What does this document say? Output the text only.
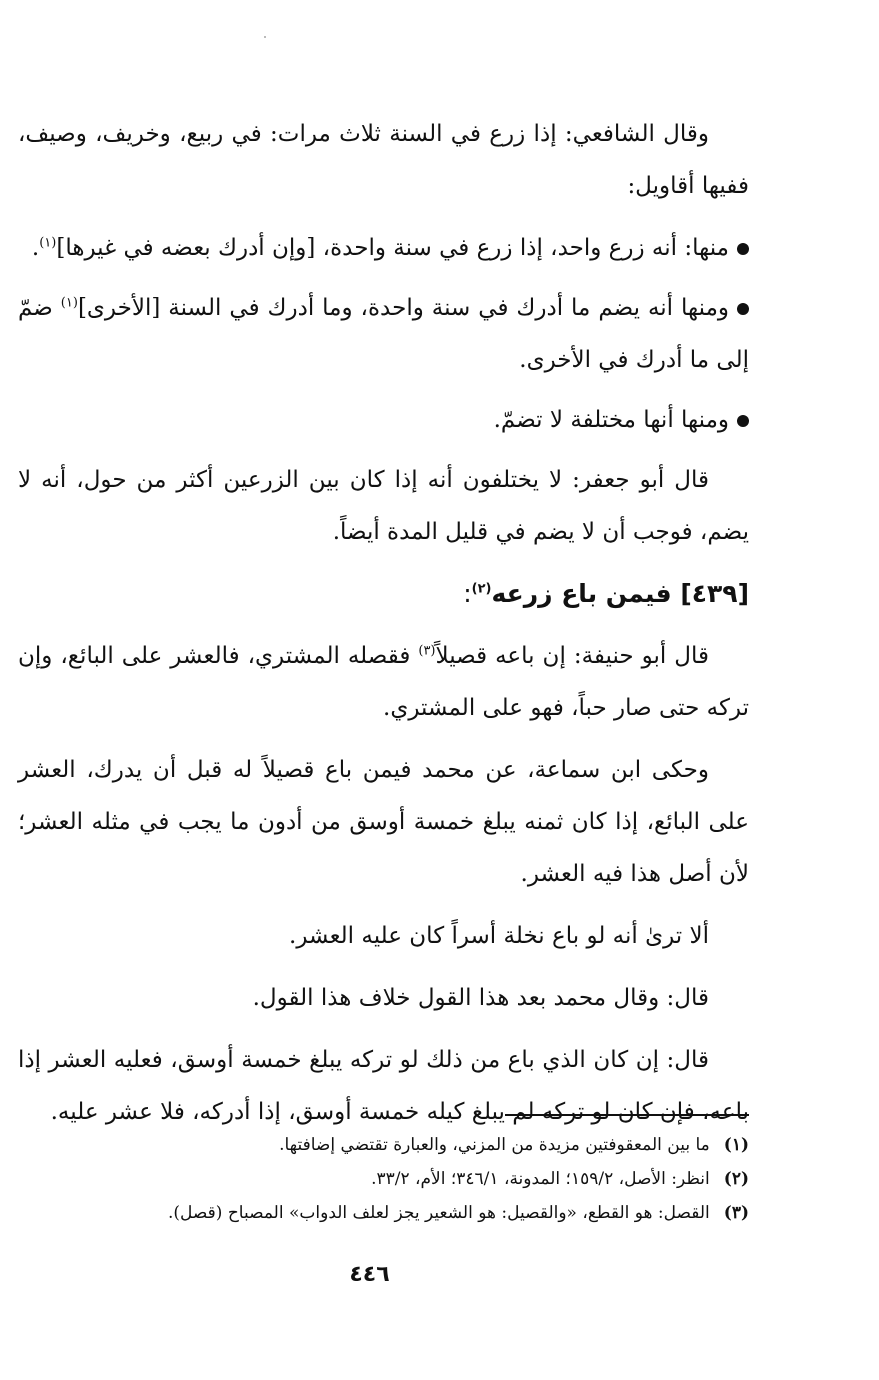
وقال الشافعي: إذا زرع في السنة ثلاث مرات: في ربيع، وخريف، وصيف، ففيها أقاويل:

منها: أنه زرع واحد، إذا زرع في سنة واحدة، [وإن أدرك بعضه في غيرها]$^{(١)}$.

ومنها أنه يضم ما أدرك في سنة واحدة، وما أدرك في السنة [الأخرى]$^{(١)}$ ضمّ إلى ما أدرك في الأخرى.

ومنها أنها مختلفة لا تضمّ.

قال أبو جعفر: لا يختلفون أنه إذا كان بين الزرعين أكثر من حول، أنه لا يضم، فوجب أن لا يضم في قليل المدة أيضاً.

[٤٣٩] فيمن باع زرعه$^{(٢)}$:

قال أبو حنيفة: إن باعه قصيلاً$^{(٣)}$ فقصله المشتري، فالعشر على البائع، وإن تركه حتى صار حباً، فهو على المشتري.

وحكى ابن سماعة، عن محمد فيمن باع قصيلاً له قبل أن يدرك، العشر على البائع، إذا كان ثمنه يبلغ خمسة أوسق من أدون ما يجب في مثله العشر؛ لأن أصل هذا فيه العشر.

ألا ترىٰ أنه لو باع نخلة أسراً كان عليه العشر.

قال: وقال محمد بعد هذا القول خلاف هذا القول.

قال: إن كان الذي باع من ذلك لو تركه يبلغ خمسة أوسق، فعليه العشر إذا باعه، فإن كان لو تركه لم يبلغ كيله خمسة أوسق، إذا أدركه، فلا عشر عليه.

(١)ما بين المعقوفتين مزيدة من المزني، والعبارة تقتضي إضافتها.
(٢)انظر: الأصل، ١٥٩/٢؛ المدونة، ٣٤٦/١؛ الأم، ٣٣/٢.
(٣)القصل: هو القطع، «والقصيل: هو الشعير يجز لعلف الدواب» المصباح (قصل).
٤٤٦
